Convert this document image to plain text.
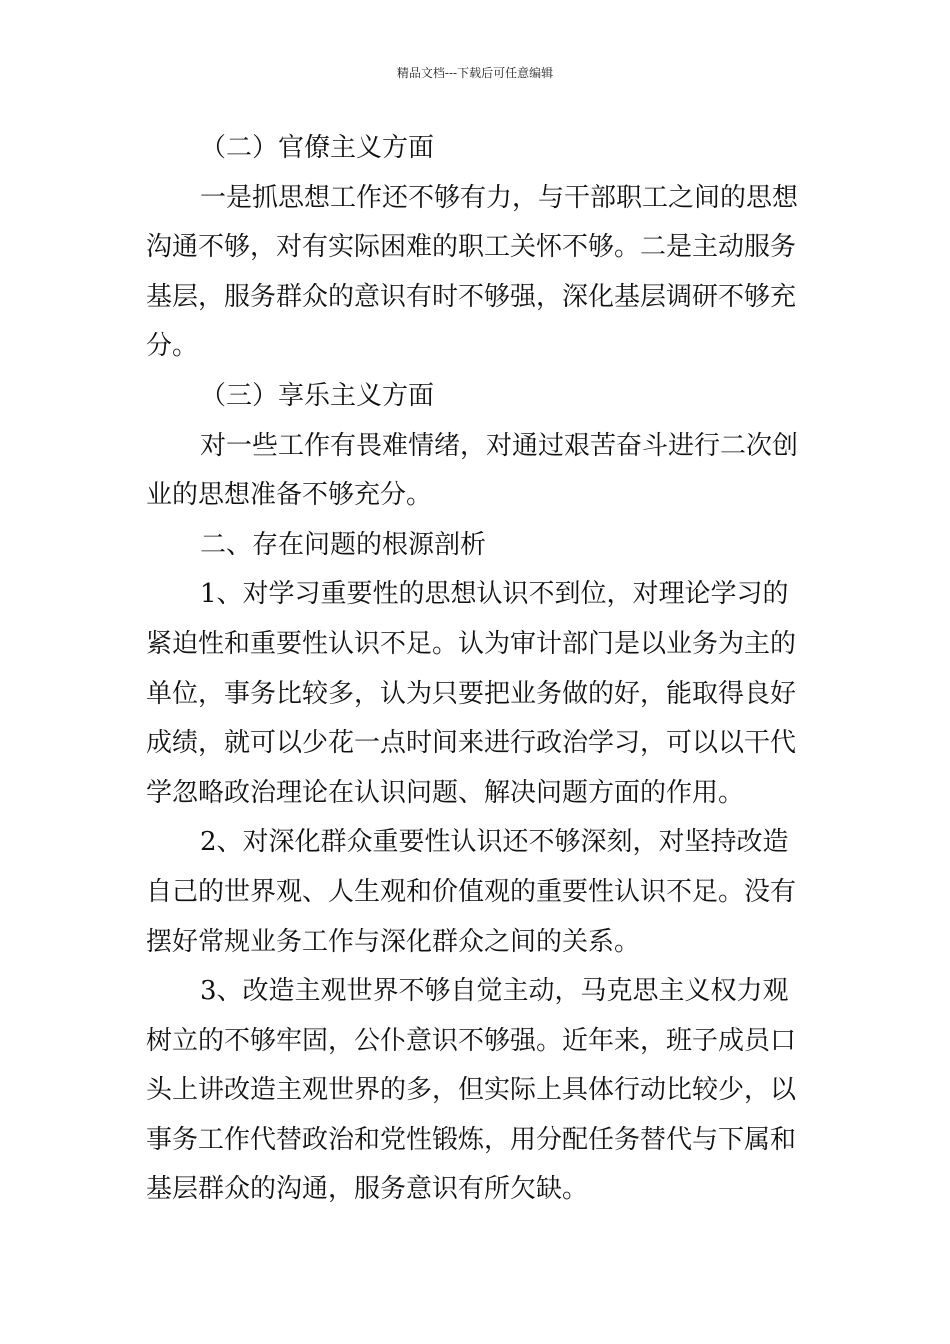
精品文档---下载后可任意编辑

（二）官僚主义方面

一是抓思想工作还不够有力，与干部职工之间的思想沟通不够，对有实际困难的职工关怀不够。二是主动服务基层，服务群众的意识有时不够强，深化基层调研不够充分。

（三）享乐主义方面

对一些工作有畏难情绪，对通过艰苦奋斗进行二次创业的思想准备不够充分。

二、存在问题的根源剖析

1、对学习重要性的思想认识不到位，对理论学习的紧迫性和重要性认识不足。认为审计部门是以业务为主的单位，事务比较多，认为只要把业务做的好，能取得良好成绩，就可以少花一点时间来进行政治学习，可以以干代学忽略政治理论在认识问题、解决问题方面的作用。

2、对深化群众重要性认识还不够深刻，对坚持改造自己的世界观、人生观和价值观的重要性认识不足。没有摆好常规业务工作与深化群众之间的关系。

3、改造主观世界不够自觉主动，马克思主义权力观树立的不够牢固，公仆意识不够强。近年来，班子成员口头上讲改造主观世界的多，但实际上具体行动比较少，以事务工作代替政治和党性锻炼，用分配任务替代与下属和基层群众的沟通，服务意识有所欠缺。
